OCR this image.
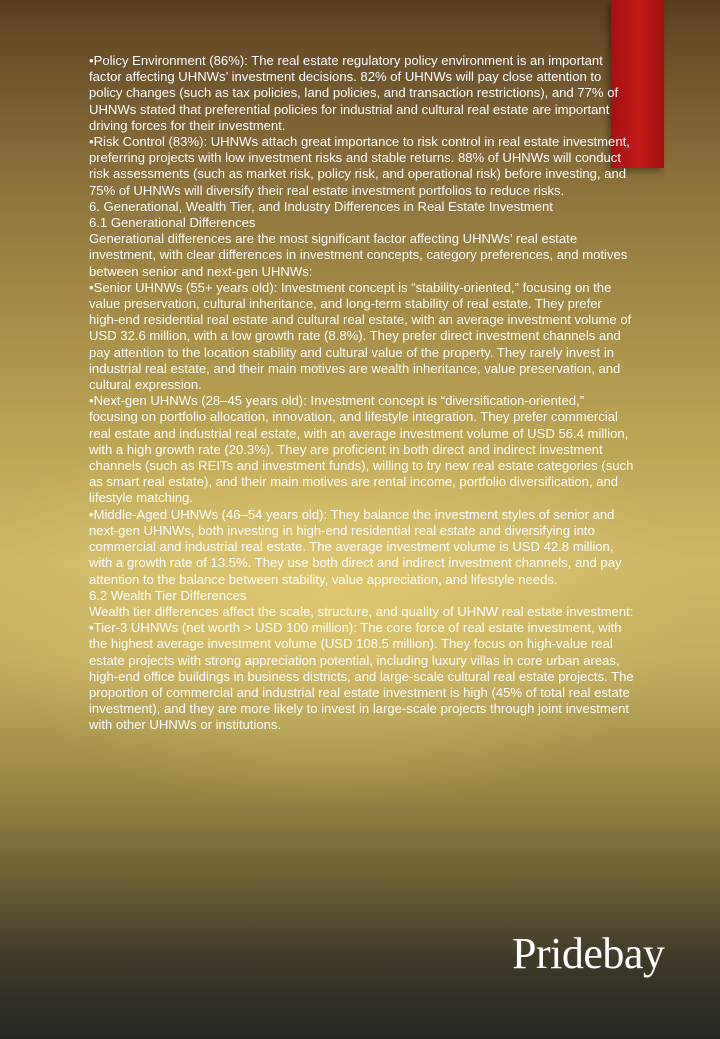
•Policy Environment (86%): The real estate regulatory policy environment is an important factor affecting UHNWs’ investment decisions. 82% of UHNWs will pay close attention to policy changes (such as tax policies, land policies, and transaction restrictions), and 77% of UHNWs stated that preferential policies for industrial and cultural real estate are important driving forces for their investment.

•Risk Control (83%): UHNWs attach great importance to risk control in real estate investment, preferring projects with low investment risks and stable returns. 88% of UHNWs will conduct risk assessments (such as market risk, policy risk, and operational risk) before investing, and 75% of UHNWs will diversify their real estate investment portfolios to reduce risks.

6. Generational, Wealth Tier, and Industry Differences in Real Estate Investment

6.1 Generational Differences

Generational differences are the most significant factor affecting UHNWs’ real estate investment, with clear differences in investment concepts, category preferences, and motives between senior and next-gen UHNWs:

•Senior UHNWs (55+ years old): Investment concept is “stability-oriented,” focusing on the value preservation, cultural inheritance, and long-term stability of real estate. They prefer high-end residential real estate and cultural real estate, with an average investment volume of USD 32.6 million, with a low growth rate (8.8%). They prefer direct investment channels and pay attention to the location stability and cultural value of the property. They rarely invest in industrial real estate, and their main motives are wealth inheritance, value preservation, and cultural expression.

•Next-gen UHNWs (28–45 years old): Investment concept is “diversification-oriented,” focusing on portfolio allocation, innovation, and lifestyle integration. They prefer commercial real estate and industrial real estate, with an average investment volume of USD 56.4 million, with a high growth rate (20.3%). They are proficient in both direct and indirect investment channels (such as REITs and investment funds), willing to try new real estate categories (such as smart real estate), and their main motives are rental income, portfolio diversification, and lifestyle matching.

•Middle-Aged UHNWs (46–54 years old): They balance the investment styles of senior and next-gen UHNWs, both investing in high-end residential real estate and diversifying into commercial and industrial real estate. The average investment volume is USD 42.8 million, with a growth rate of 13.5%. They use both direct and indirect investment channels, and pay attention to the balance between stability, value appreciation, and lifestyle needs.

6.2 Wealth Tier Differences

Wealth tier differences affect the scale, structure, and quality of UHNW real estate investment:

•Tier-3 UHNWs (net worth > USD 100 million): The core force of real estate investment, with the highest average investment volume (USD 108.5 million). They focus on high-value real estate projects with strong appreciation potential, including luxury villas in core urban areas, high-end office buildings in business districts, and large-scale cultural real estate projects. The proportion of commercial and industrial real estate investment is high (45% of total real estate investment), and they are more likely to invest in large-scale projects through joint investment with other UHNWs or institutions.

Pridebay
